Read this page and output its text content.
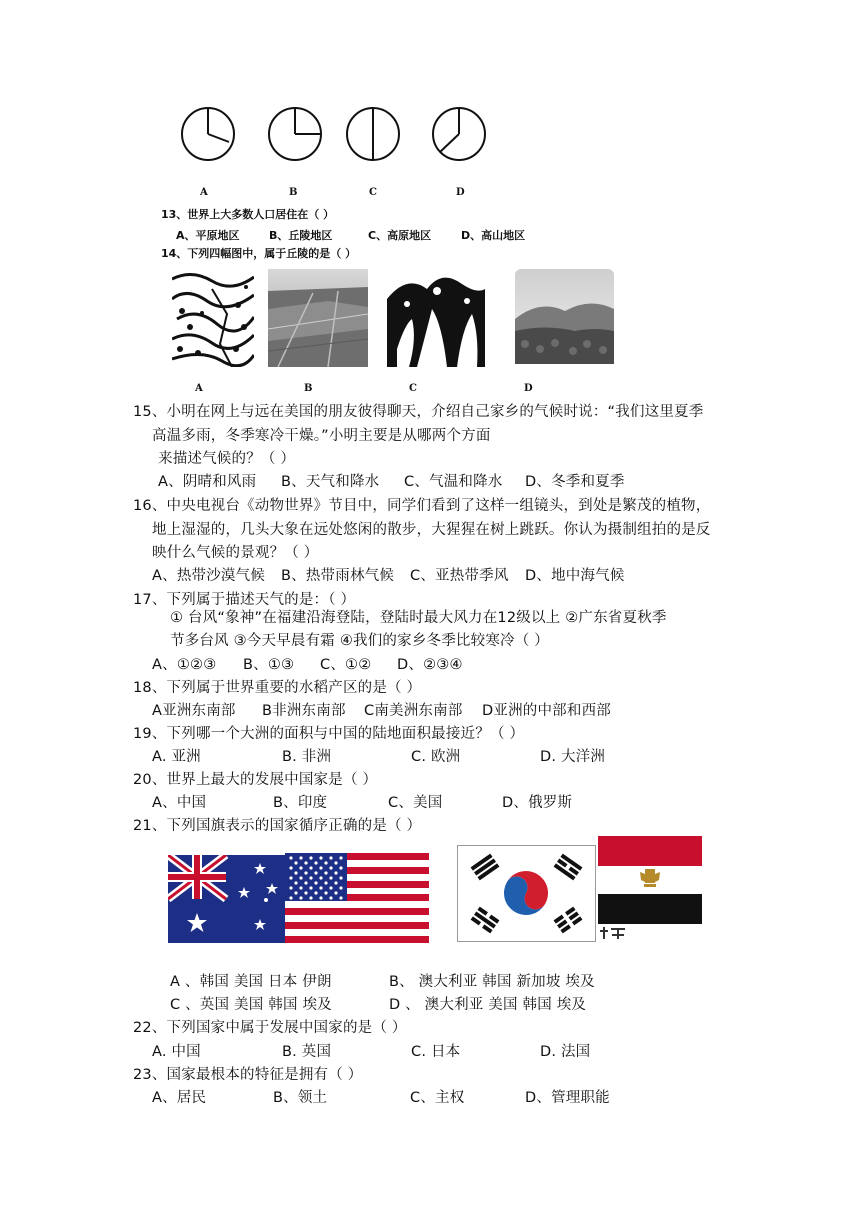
A	B	C	D
13、世界上大多数人口居住在（ ）
A、平原地区	B、丘陵地区	C、高原地区	D、高山地区
14、下列四幅图中，属于丘陵的是（ ）
A	B	C	D
15、小明在网上与远在美国的朋友彼得聊天，介绍自己家乡的气候时说：“我们这里夏季
高温多雨，冬季寒冷干燥。”小明主要是从哪两个方面
来描述气候的？（ ）
A、阴晴和风雨 B、天气和降水 C、气温和降水 D、冬季和夏季
16、中央电视台《动物世界》节目中，同学们看到了这样一组镜头，到处是繁茂的植物，
地上湿湿的，几头大象在远处悠闲的散步，大猩猩在树上跳跃。你认为摄制组拍的是反
映什么气候的景观？（ ）
A、热带沙漠气候 B、热带雨林气候 C、亚热带季风 D、地中海气候
17、下列属于描述天气的是：（ ）
① 台风“象神”在福建沿海登陆，登陆时最大风力在12级以上 ②广东省夏秋季
节多台风 ③今天早晨有霜 ④我们的家乡冬季比较寒冷（ ）
A、①②③ B、①③ C、①② D、②③④
18、下列属于世界重要的水稻产区的是（ ）
A亚洲东南部 B非洲东南部 C南美洲东南部 D亚洲的中部和西部
19、下列哪一个大洲的面积与中国的陆地面积最接近？（ ）
A. 亚洲	B. 非洲	C. 欧洲	D. 大洋洲
20、世界上最大的发展中国家是（ ）
A、中国	B、印度	C、美国	D、俄罗斯
21、下列国旗表示的国家循序正确的是（ ）
A 、韩国 美国 日本 伊朗	B、 澳大利亚 韩国 新加坡 埃及
C 、英国 美国 韩国 埃及	D 、 澳大利亚 美国 韩国 埃及
22、下列国家中属于发展中国家的是（ ）
A. 中国	B. 英国	C. 日本	D. 法国
23、国家最根本的特征是拥有（ ）
A、居民	B、领土	C、主权	D、管理职能
